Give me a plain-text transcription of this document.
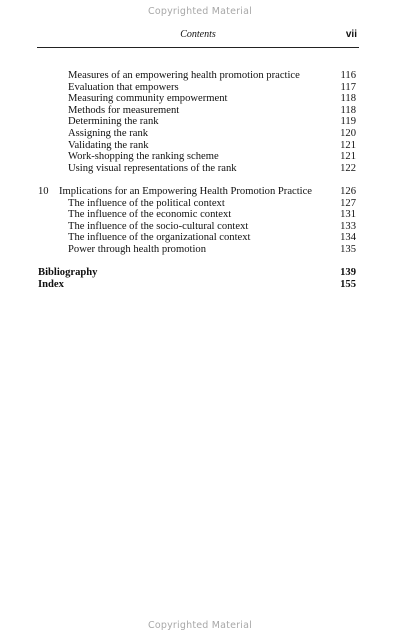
Copyrighted Material
Contents	vii
Measures of an empowering health promotion practice	116
Evaluation that empowers	117
Measuring community empowerment	118
Methods for measurement	118
Determining the rank	119
Assigning the rank	120
Validating the rank	121
Work-shopping the ranking scheme	121
Using visual representations of the rank	122
10 Implications for an Empowering Health Promotion Practice	126
The influence of the political context	127
The influence of the economic context	131
The influence of the socio-cultural context	133
The influence of the organizational context	134
Power through health promotion	135
Bibliography	139
Index	155
Copyrighted Material
